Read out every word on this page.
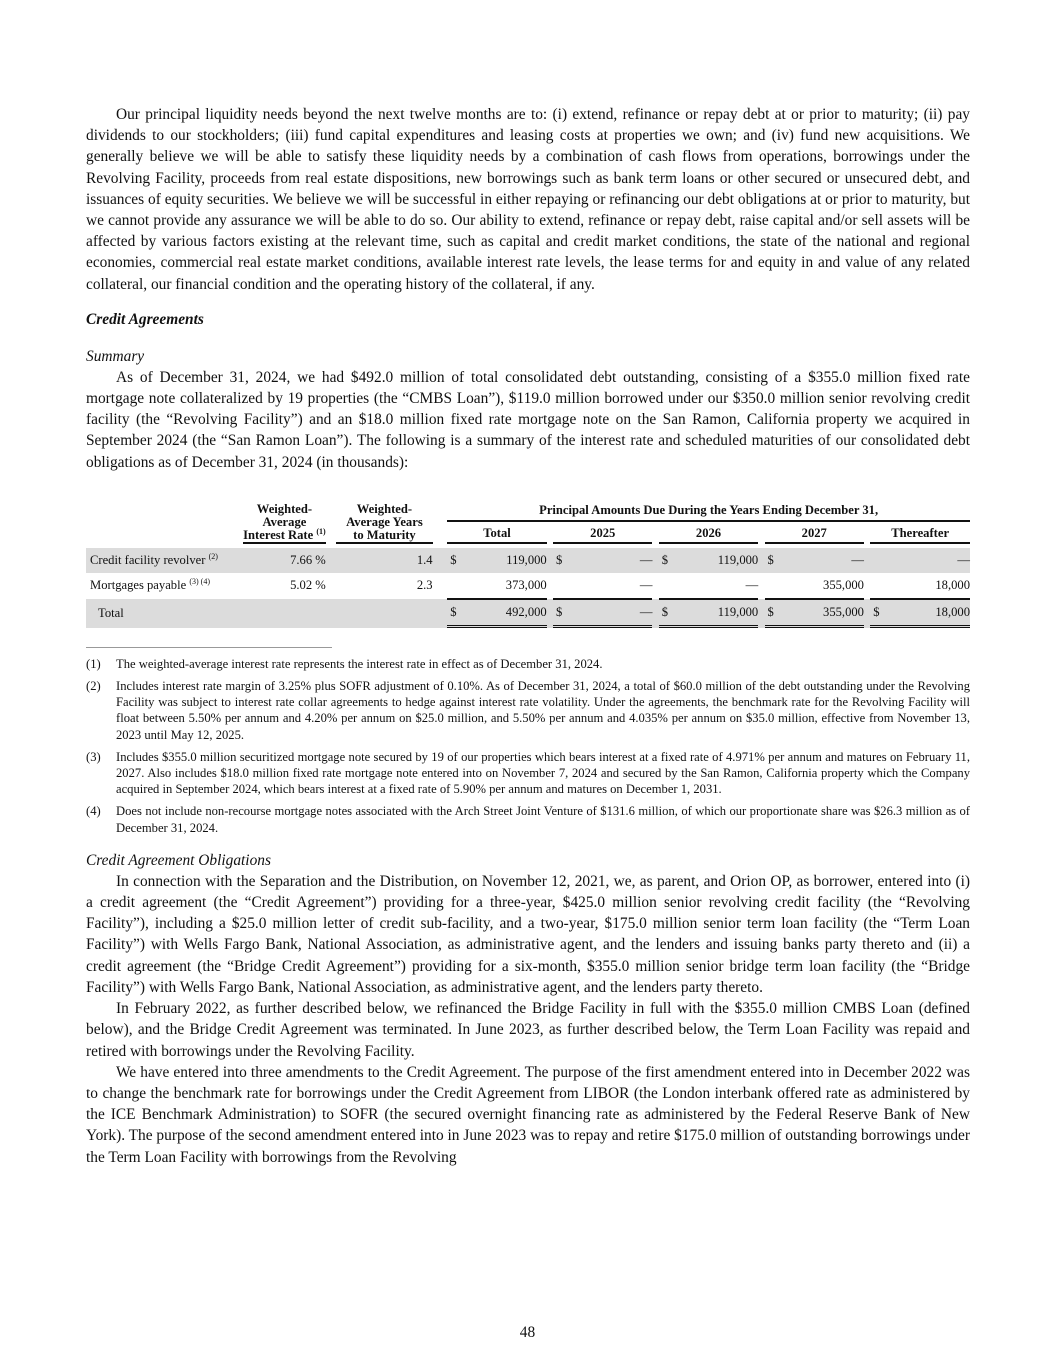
Our principal liquidity needs beyond the next twelve months are to: (i) extend, refinance or repay debt at or prior to maturity; (ii) pay dividends to our stockholders; (iii) fund capital expenditures and leasing costs at properties we own; and (iv) fund new acquisitions. We generally believe we will be able to satisfy these liquidity needs by a combination of cash flows from operations, borrowings under the Revolving Facility, proceeds from real estate dispositions, new borrowings such as bank term loans or other secured or unsecured debt, and issuances of equity securities. We believe we will be successful in either repaying or refinancing our debt obligations at or prior to maturity, but we cannot provide any assurance we will be able to do so. Our ability to extend, refinance or repay debt, raise capital and/or sell assets will be affected by various factors existing at the relevant time, such as capital and credit market conditions, the state of the national and regional economies, commercial real estate market conditions, available interest rate levels, the lease terms for and equity in and value of any related collateral, our financial condition and the operating history of the collateral, if any.

Credit Agreements

Summary

As of December 31, 2024, we had $492.0 million of total consolidated debt outstanding, consisting of a $355.0 million fixed rate mortgage note collateralized by 19 properties (the “CMBS Loan”), $119.0 million borrowed under our $350.0 million senior revolving credit facility (the “Revolving Facility”) and an $18.0 million fixed rate mortgage note on the San Ramon, California property we acquired in September 2024 (the “San Ramon Loan”). The following is a summary of the interest rate and scheduled maturities of our consolidated debt obligations as of December 31, 2024 (in thousands):

	Weighted-
Average
Interest Rate $^{(1)}$		Weighted-
Average Years
to Maturity		Principal Amounts Due During the Years Ending December 31,													
					Total			2025			2026			2027			Thereafter	

Credit facility revolver $^{(2)}$	7.66 %		1.4		$	119,000		$	—		$	119,000		$	—			—
Mortgages payable $^{(3) (4)}$	5.02 %		2.3			373,000			—			—			355,000			18,000
Total					$	492,000		$	—		$	119,000		$	355,000		$	18,000
(1)	The weighted-average interest rate represents the interest rate in effect as of December 31, 2024.
(2)	Includes interest rate margin of 3.25% plus SOFR adjustment of 0.10%. As of December 31, 2024, a total of $60.0 million of the debt outstanding under the Revolving Facility was subject to interest rate collar agreements to hedge against interest rate volatility. Under the agreements, the benchmark rate for the Revolving Facility will float between 5.50% per annum and 4.20% per annum on $25.0 million, and 5.50% per annum and 4.035% per annum on $35.0 million, effective from November 13, 2023 until May 12, 2025.
(3)	Includes $355.0 million securitized mortgage note secured by 19 of our properties which bears interest at a fixed rate of 4.971% per annum and matures on February 11, 2027. Also includes $18.0 million fixed rate mortgage note entered into on November 7, 2024 and secured by the San Ramon, California property which the Company acquired in September 2024, which bears interest at a fixed rate of 5.90% per annum and matures on December 1, 2031.
(4)	Does not include non-recourse mortgage notes associated with the Arch Street Joint Venture of $131.6 million, of which our proportionate share was $26.3 million as of December 31, 2024.

Credit Agreement Obligations

In connection with the Separation and the Distribution, on November 12, 2021, we, as parent, and Orion OP, as borrower, entered into (i) a credit agreement (the “Credit Agreement”) providing for a three-year, $425.0 million senior revolving credit facility (the “Revolving Facility”), including a $25.0 million letter of credit sub-facility, and a two-year, $175.0 million senior term loan facility (the “Term Loan Facility”) with Wells Fargo Bank, National Association, as administrative agent, and the lenders and issuing banks party thereto and (ii) a credit agreement (the “Bridge Credit Agreement”) providing for a six-month, $355.0 million senior bridge term loan facility (the “Bridge Facility”) with Wells Fargo Bank, National Association, as administrative agent, and the lenders party thereto.

In February 2022, as further described below, we refinanced the Bridge Facility in full with the $355.0 million CMBS Loan (defined below), and the Bridge Credit Agreement was terminated. In June 2023, as further described below, the Term Loan Facility was repaid and retired with borrowings under the Revolving Facility.

We have entered into three amendments to the Credit Agreement. The purpose of the first amendment entered into in December 2022 was to change the benchmark rate for borrowings under the Credit Agreement from LIBOR (the London interbank offered rate as administered by the ICE Benchmark Administration) to SOFR (the secured overnight financing rate as administered by the Federal Reserve Bank of New York). The purpose of the second amendment entered into in June 2023 was to repay and retire $175.0 million of outstanding borrowings under the Term Loan Facility with borrowings from the Revolving

48
